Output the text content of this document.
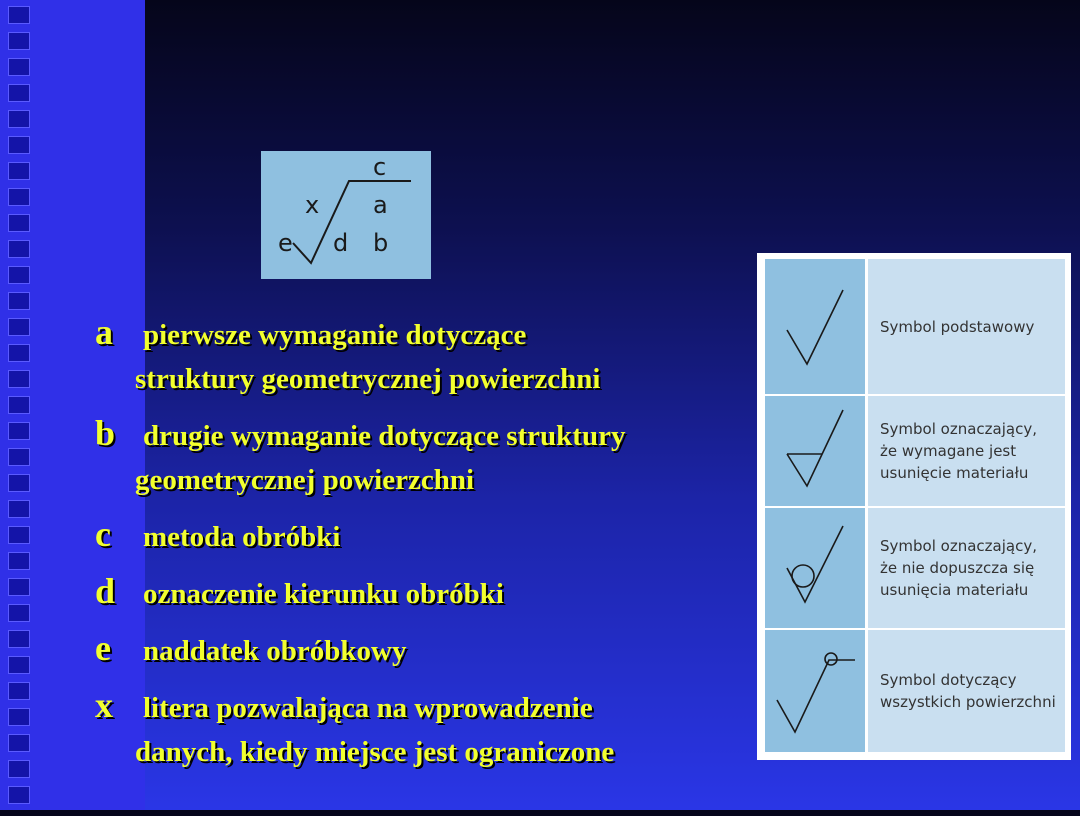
c
x a
e d b
a pierwsze wymaganie dotyczące
struktury geometrycznej powierzchni
b drugie wymaganie dotyczące struktury
geometrycznej powierzchni
c metoda obróbki
d oznaczenie kierunku obróbki
e naddatek obróbkowy
x litera pozwalająca na wprowadzenie
danych, kiedy miejsce jest ograniczone

Symbol podstawowy

Symbol oznaczający,
że wymagane jest
usunięcie materiału

Symbol oznaczający,
że nie dopuszcza się
usunięcia materiału

Symbol dotyczący
wszystkich powierzchni
